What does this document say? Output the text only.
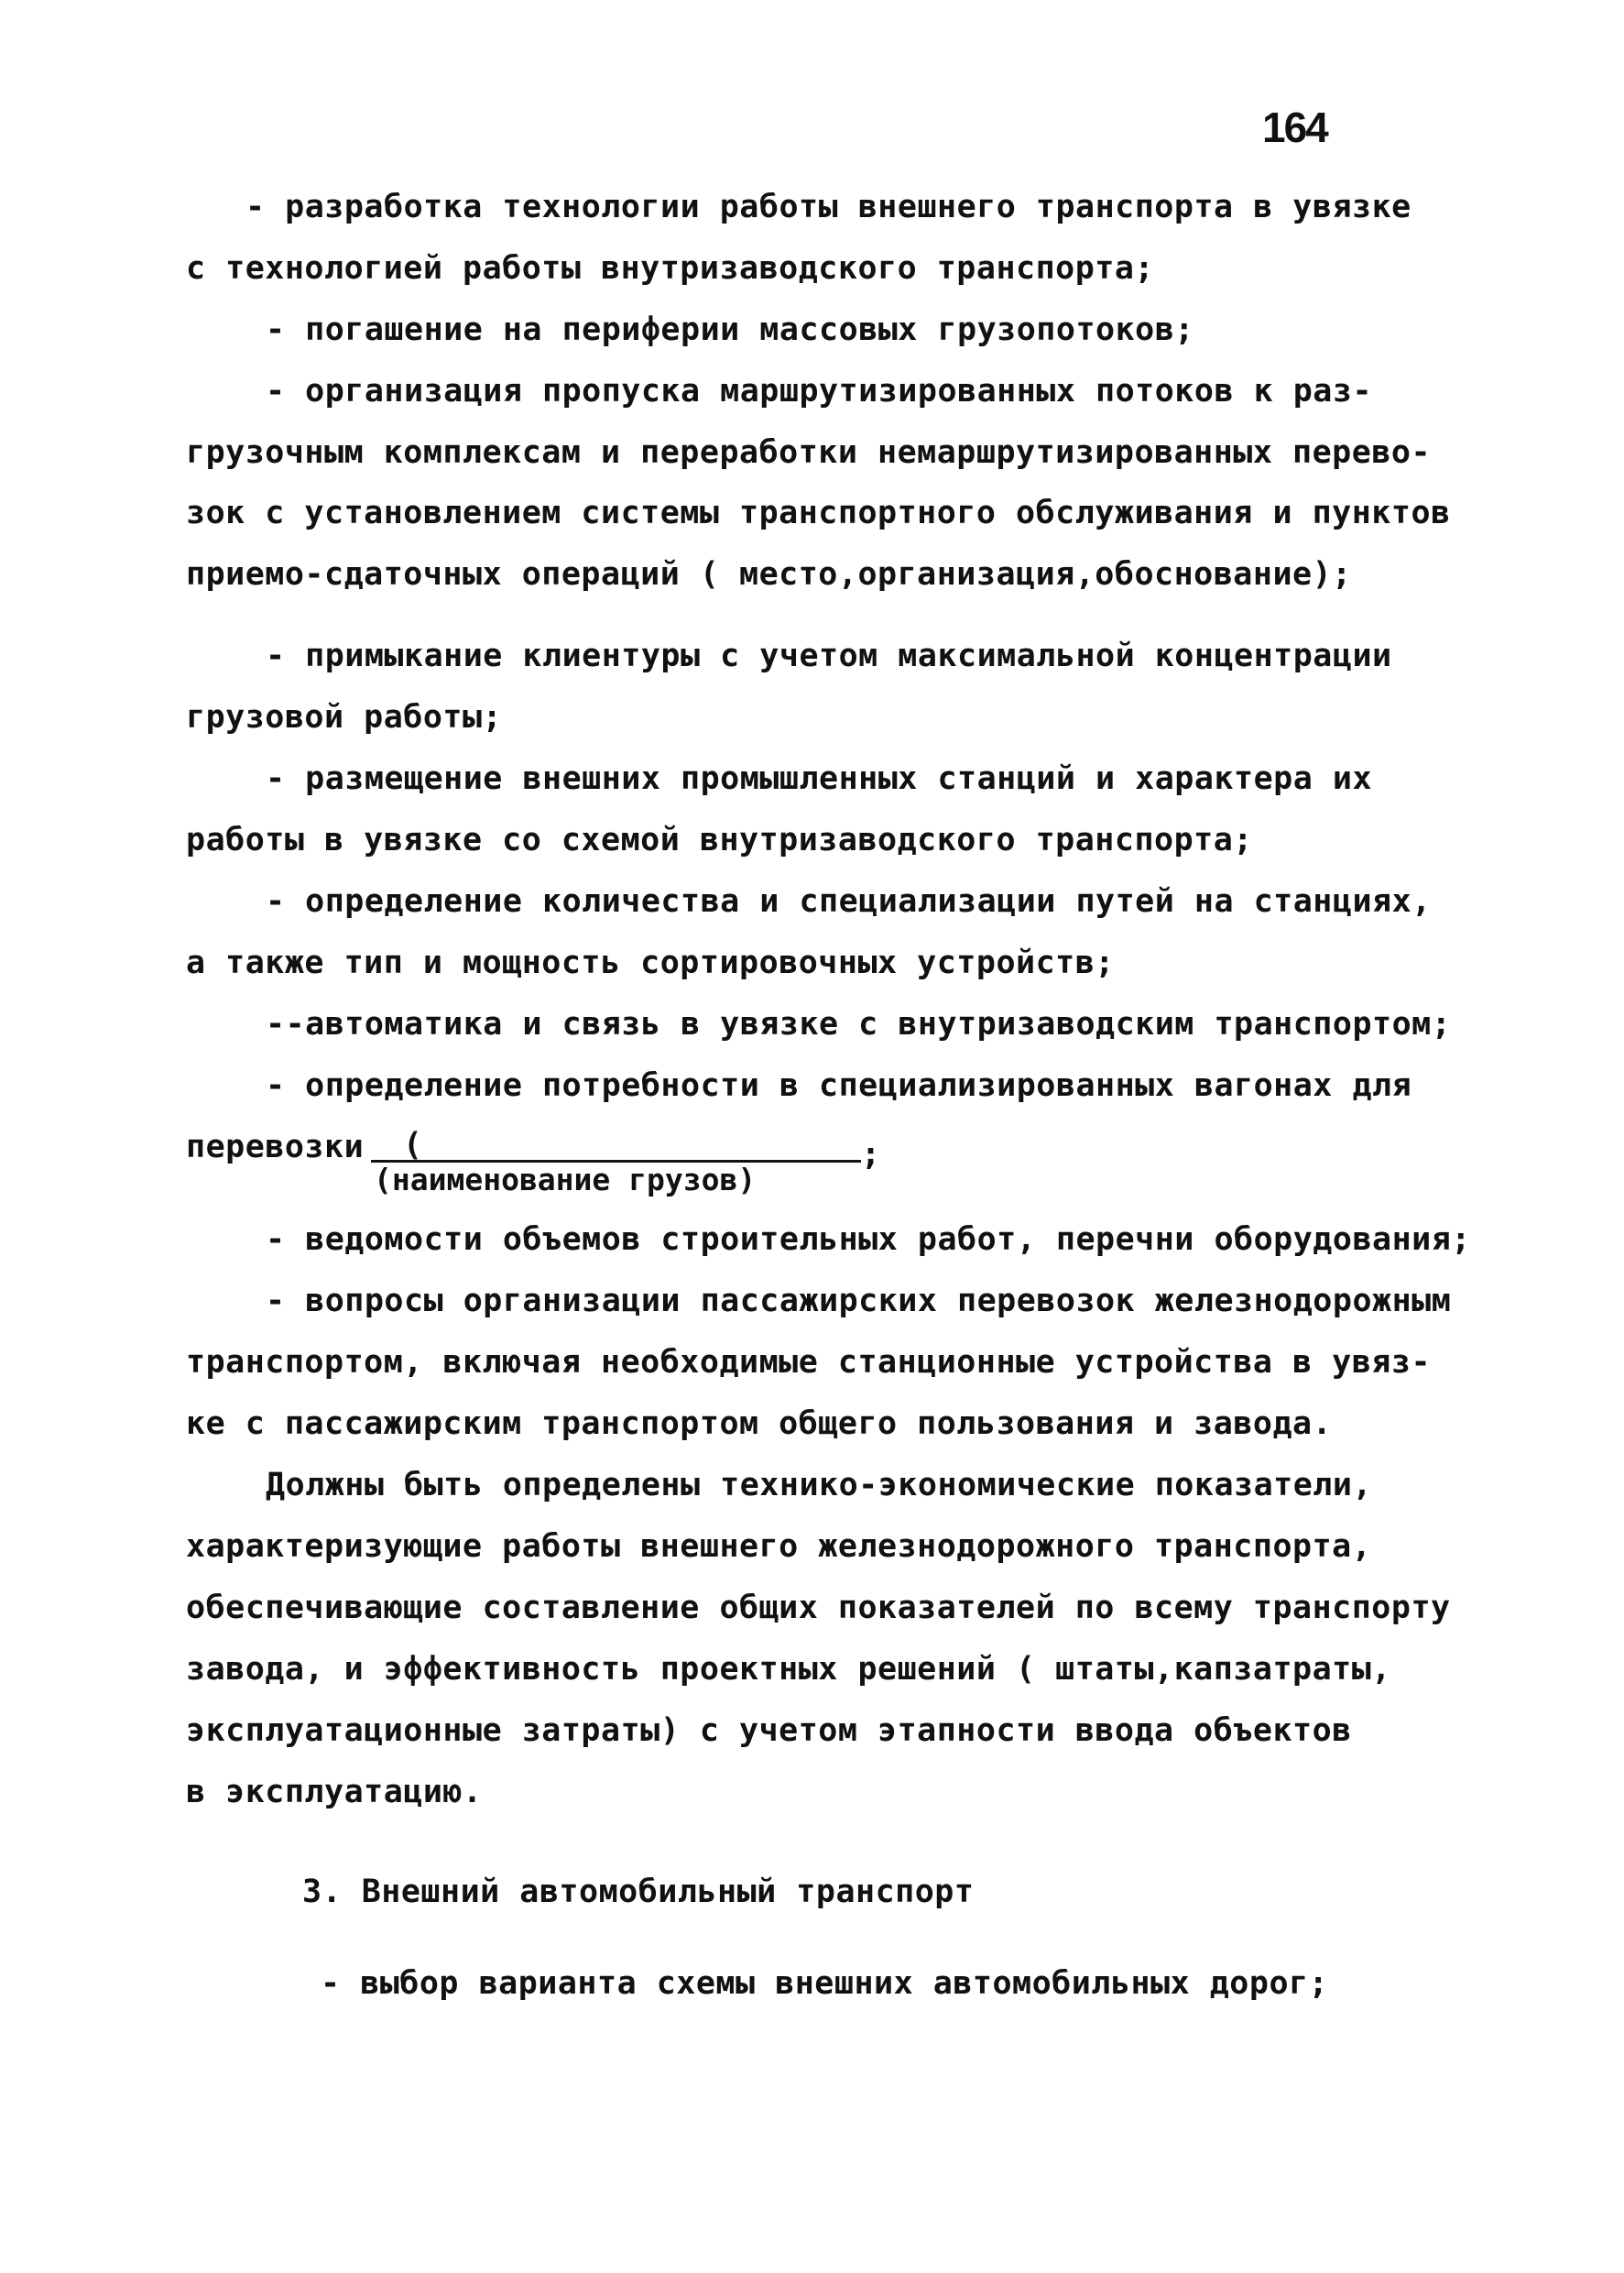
164
- разработка технологии работы внешнего транспорта в увязке
с технологией работы внутризаводского транспорта;
- погашение на периферии массовых грузопотоков;
- организация пропуска маршрутизированных потоков к раз-
грузочным комплексам и переработки немаршрутизированных перево-
зок с установлением системы транспортного обслуживания и пунктов
приемо-сдаточных операций ( место,организация,обоснование);
- примыкание клиентуры с учетом максимальной концентрации
грузовой работы;
- размещение внешних промышленных станций и характера их
работы в увязке со схемой внутризаводского транспорта;
- определение количества и специализации путей на станциях,
а также тип и мощность сортировочных устройств;
--автоматика и связь в увязке с внутризаводским транспортом;
- определение потребности в специализированных вагонах для
перевозки (	;
(наименование грузов)
- ведомости объемов строительных работ, перечни оборудования;
- вопросы организации пассажирских перевозок железнодорожным
транспортом, включая необходимые станционные устройства в увяз-
ке с пассажирским транспортом общего пользования и завода.
Должны быть определены технико-экономические показатели,
характеризующие работы внешнего железнодорожного транспорта,
обеспечивающие составление общих показателей по всему транспорту
завода, и эффективность проектных решений ( штаты,капзатраты,
эксплуатационные затраты) с учетом этапности ввода объектов
в эксплуатацию.
3. Внешний автомобильный транспорт
- выбор варианта схемы внешних автомобильных дорог;
